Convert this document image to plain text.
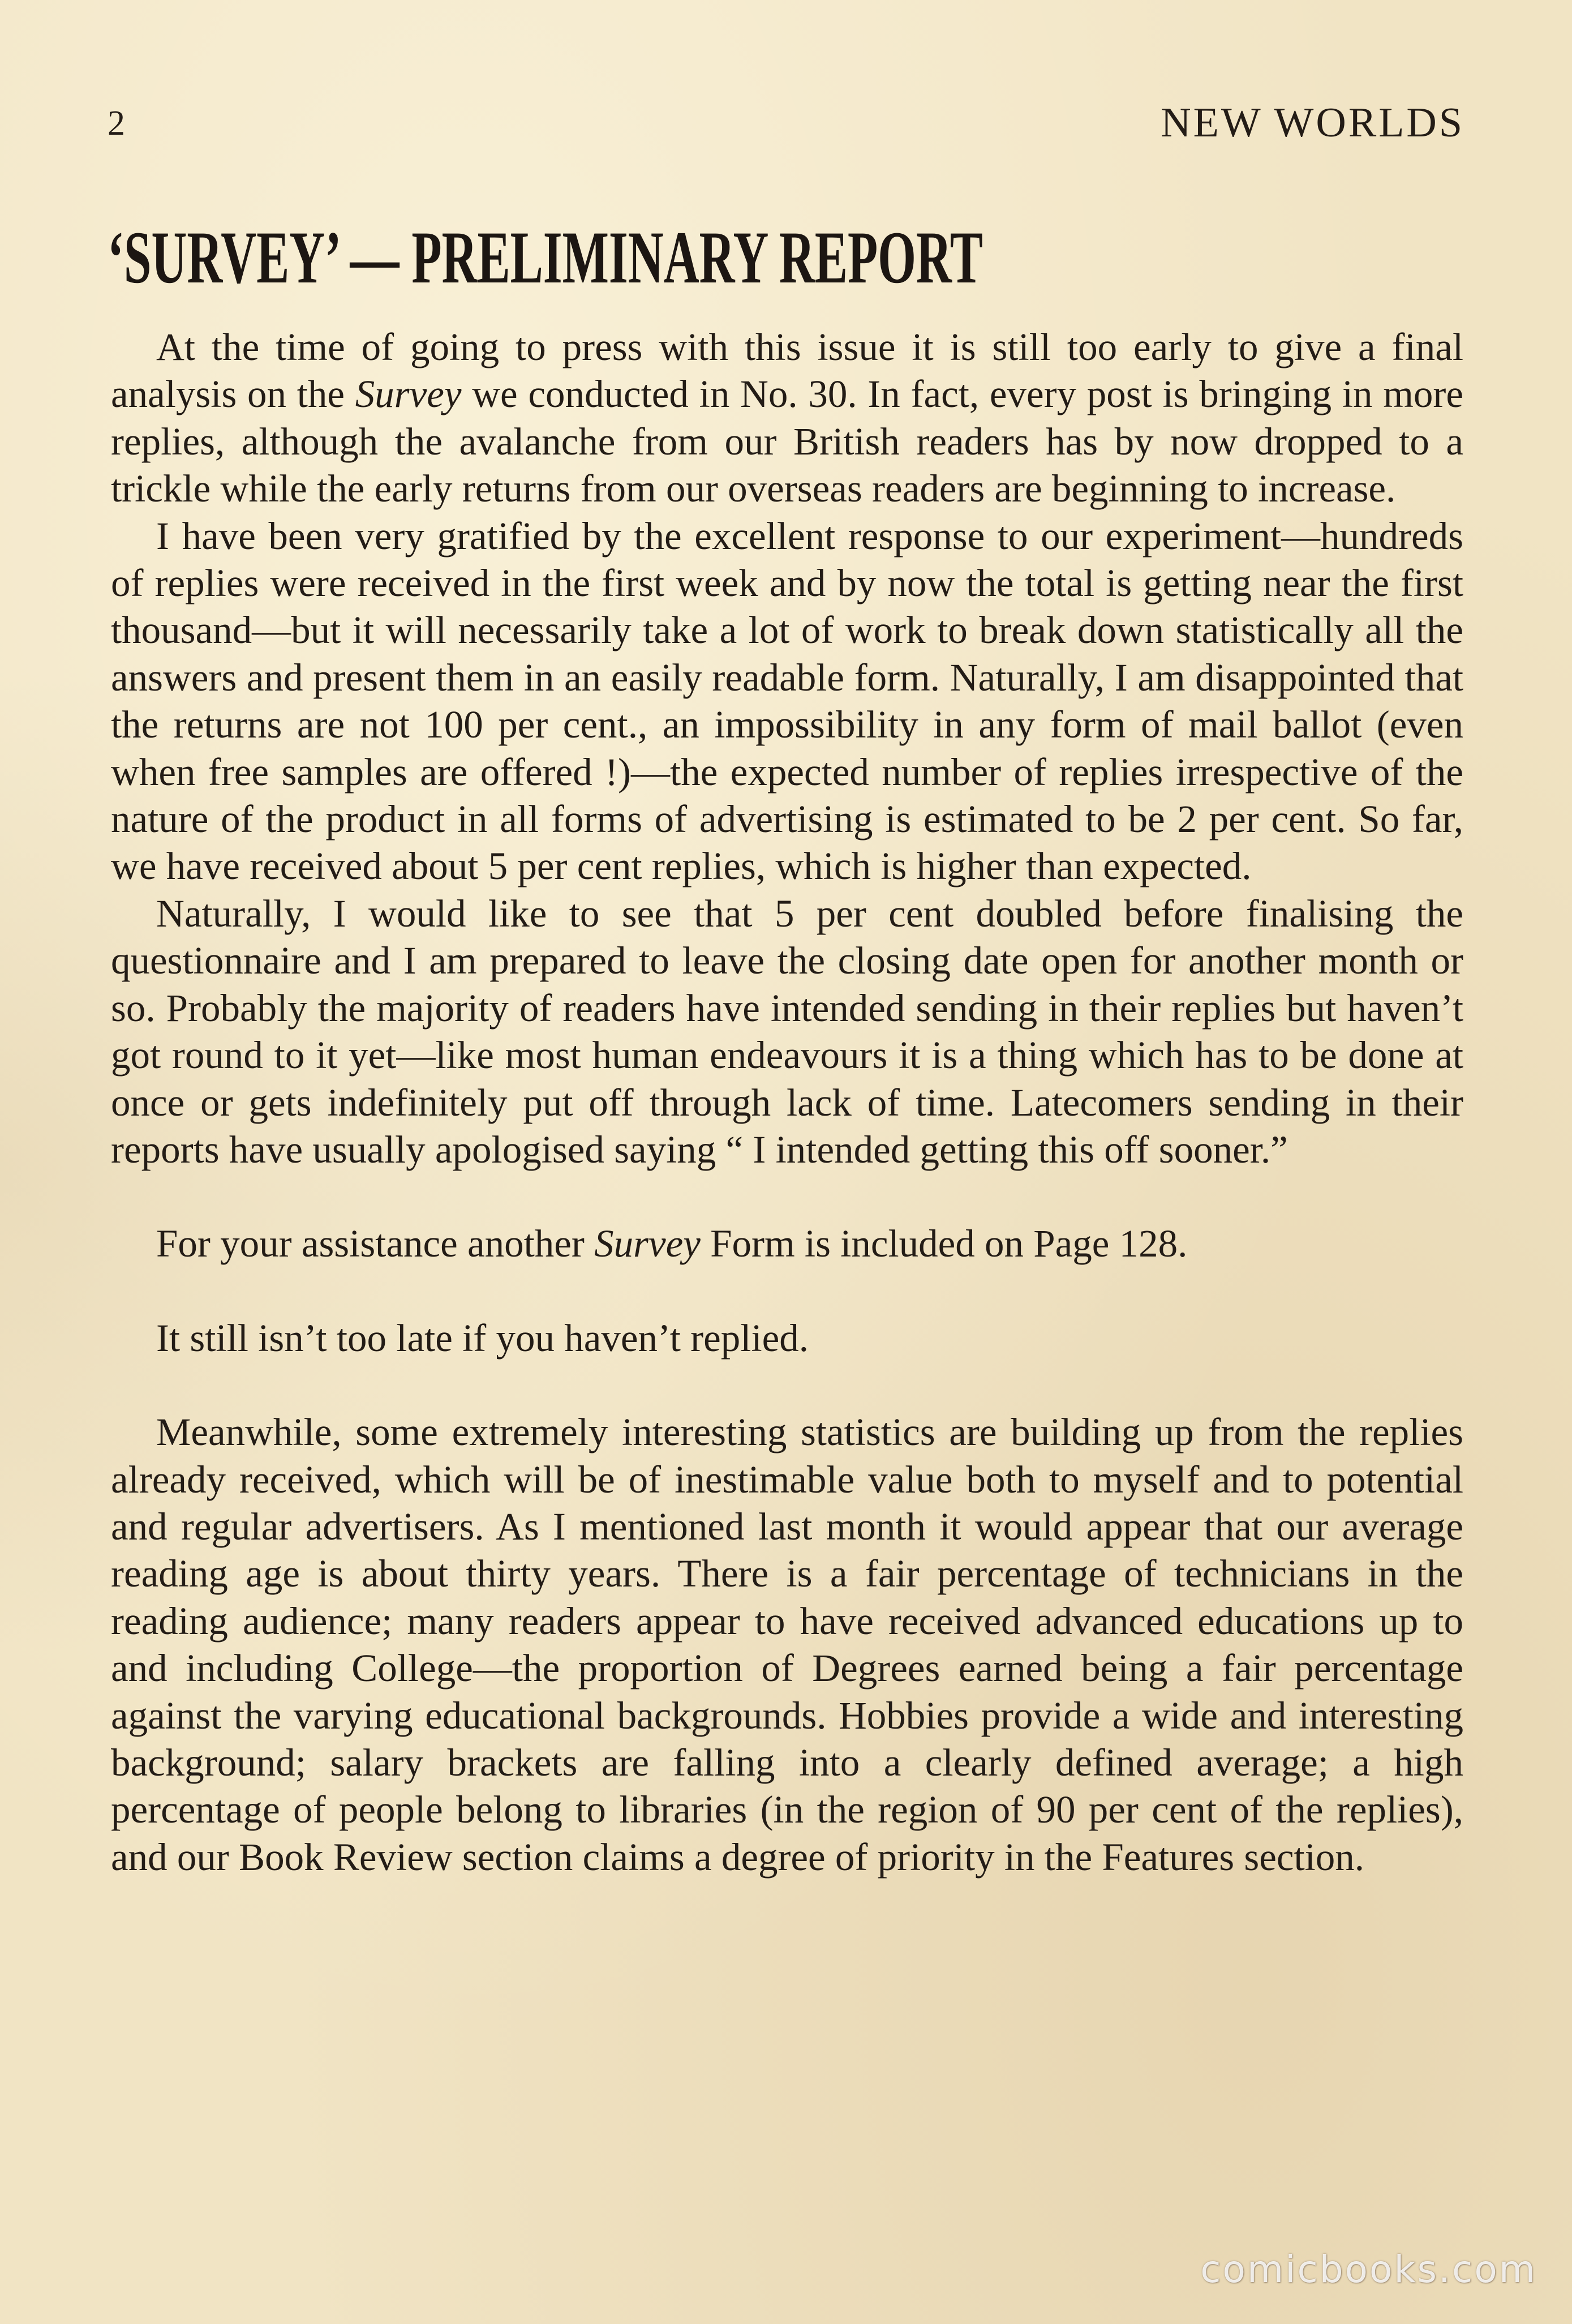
2	NEW WORLDS
‘SURVEY’ — PRELIMINARY REPORT

At the time of going to press with this issue it is still too early to give a final analysis on the Survey we conducted in No. 30. In fact, every post is bringing in more replies, although the avalanche from our British readers has by now dropped to a trickle while the early returns from our overseas readers are beginning to increase.

I have been very gratified by the excellent response to our experiment—hundreds of replies were received in the first week and by now the total is getting near the first thousand—but it will necessarily take a lot of work to break down statistically all the answers and present them in an easily readable form. Naturally, I am disappointed that the returns are not 100 per cent., an impossibility in any form of mail ballot (even when free samples are offered !)—the expected number of replies irrespective of the nature of the product in all forms of advertising is estimated to be 2 per cent. So far, we have received about 5 per cent replies, which is higher than expected.

Naturally, I would like to see that 5 per cent doubled before finalising the questionnaire and I am prepared to leave the closing date open for another month or so. Probably the majority of readers have intended sending in their replies but haven’t got round to it yet—like most human endeavours it is a thing which has to be done at once or gets indefinitely put off through lack of time. Latecomers sending in their reports have usually apologised saying “ I intended getting this off sooner.”

For your assistance another Survey Form is included on Page 128.

It still isn’t too late if you haven’t replied.

Meanwhile, some extremely interesting statistics are building up from the replies already received, which will be of inestimable value both to myself and to potential and regular advertisers. As I mentioned last month it would appear that our average reading age is about thirty years. There is a fair percentage of technicians in the reading audience; many readers appear to have received advanced educations up to and including College—the proportion of Degrees earned being a fair percentage against the varying educational backgrounds. Hobbies provide a wide and interesting background; salary brackets are falling into a clearly defined average; a high percentage of people belong to libraries (in the region of 90 per cent of the replies), and our Book Review section claims a degree of priority in the Features section.

comicbooks.com
